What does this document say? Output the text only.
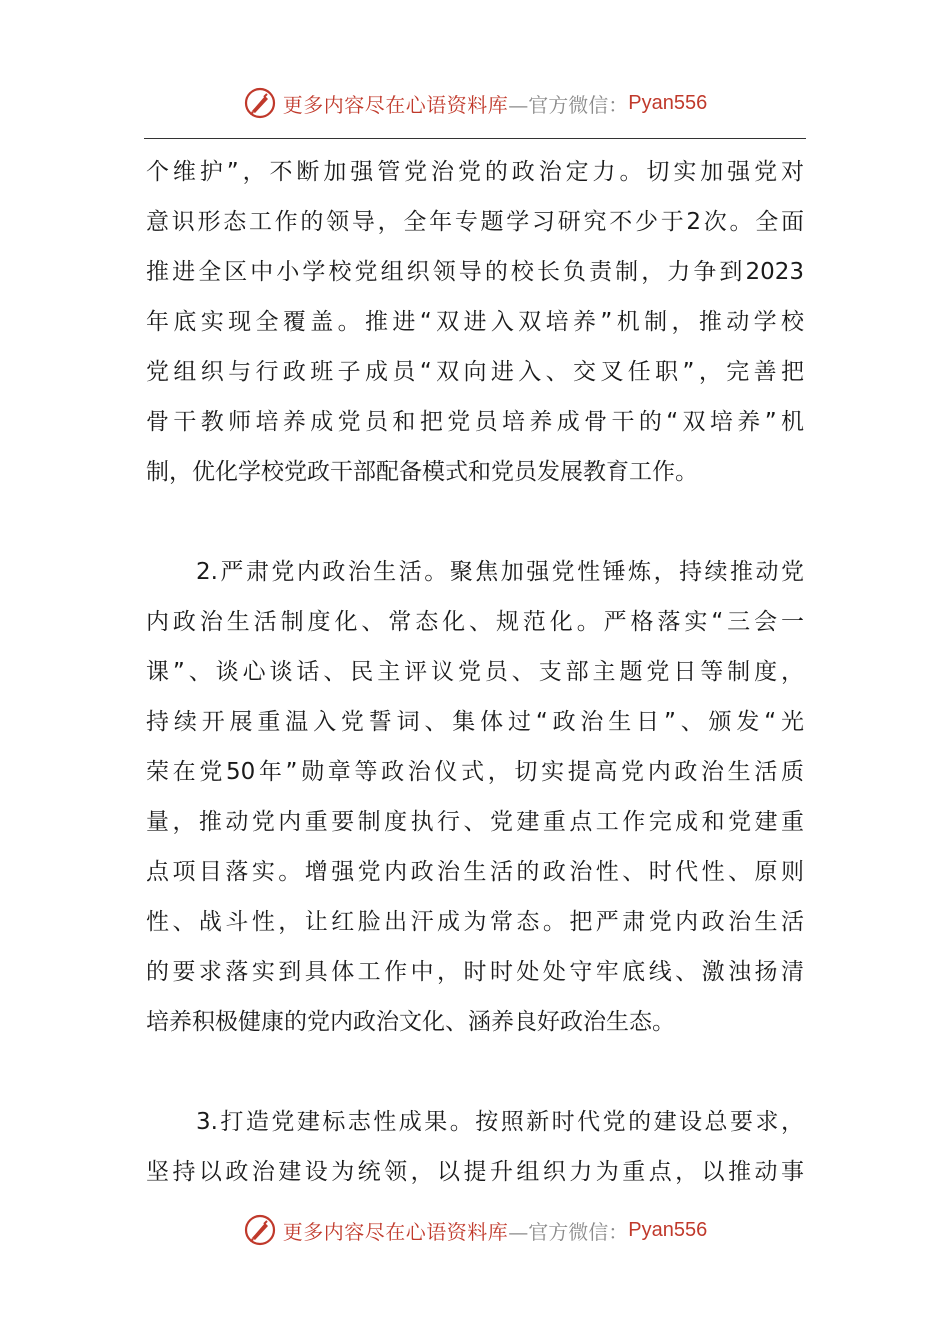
更多内容尽在心语资料库 —官方微信： Pyan556
个维护”，不断加强管党治党的政治定力。切实加强党对
意识形态工作的领导，全年专题学习研究不少于2次。全面
推进全区中小学校党组织领导的校长负责制，力争到2023
年底实现全覆盖。推进“双进入双培养”机制，推动学校
党组织与行政班子成员“双向进入、交叉任职”，完善把
骨干教师培养成党员和把党员培养成骨干的“双培养”机
制，优化学校党政干部配备模式和党员发展教育工作。
2.严肃党内政治生活。聚焦加强党性锤炼，持续推动党
内政治生活制度化、常态化、规范化。严格落实“三会一
课”、谈心谈话、民主评议党员、支部主题党日等制度，
持续开展重温入党誓词、集体过“政治生日”、颁发“光
荣在党50年”勋章等政治仪式，切实提高党内政治生活质
量，推动党内重要制度执行、党建重点工作完成和党建重
点项目落实。增强党内政治生活的政治性、时代性、原则
性、战斗性，让红脸出汗成为常态。把严肃党内政治生活
的要求落实到具体工作中，时时处处守牢底线、激浊扬清
培养积极健康的党内政治文化、涵养良好政治生态。
3.打造党建标志性成果。按照新时代党的建设总要求，
坚持以政治建设为统领，以提升组织力为重点，以推动事
更多内容尽在心语资料库 —官方微信： Pyan556
